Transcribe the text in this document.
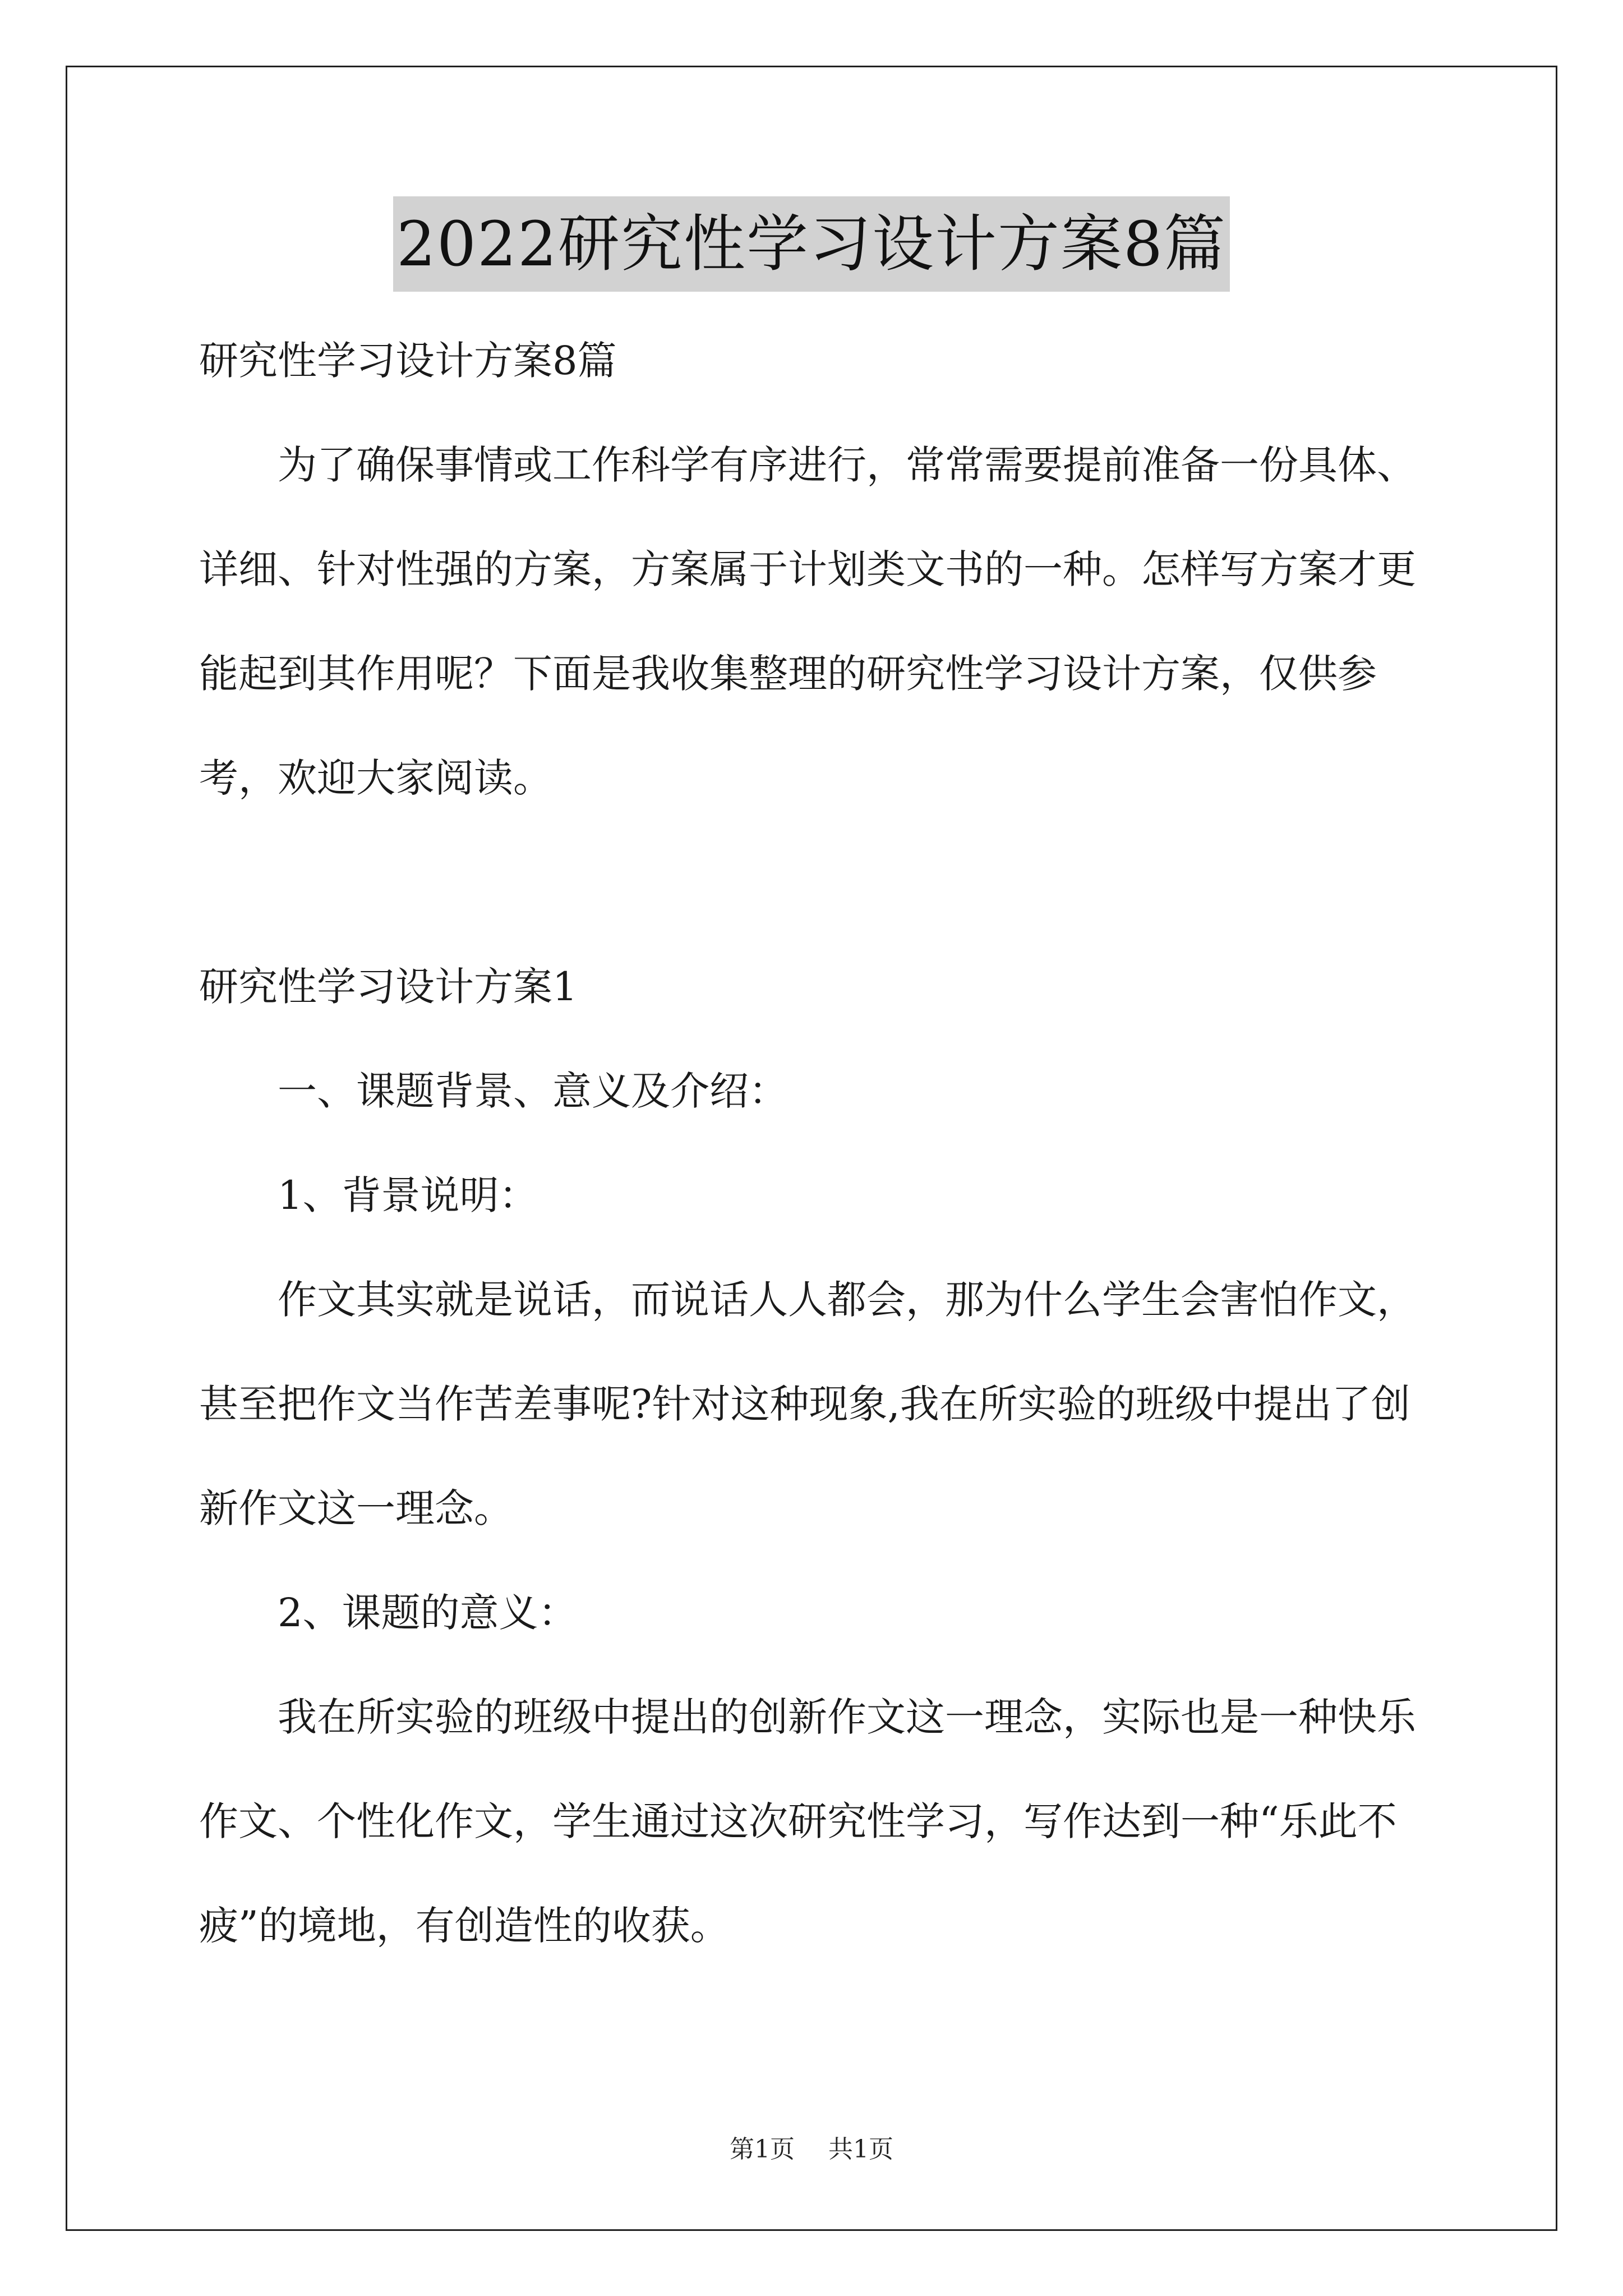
2022研究性学习设计方案8篇

研究性学习设计方案8篇

为了确保事情或工作科学有序进行，常常需要提前准备一份具体、详细、针对性强的方案，方案属于计划类文书的一种。怎样写方案才更能起到其作用呢？下面是我收集整理的研究性学习设计方案，仅供参考，欢迎大家阅读。

研究性学习设计方案1

一、课题背景、意义及介绍：

1、背景说明：

作文其实就是说话，而说话人人都会，那为什么学生会害怕作文，甚至把作文当作苦差事呢?针对这种现象,我在所实验的班级中提出了创新作文这一理念。

2、课题的意义：

我在所实验的班级中提出的创新作文这一理念，实际也是一种快乐作文、个性化作文，学生通过这次研究性学习，写作达到一种“乐此不疲”的境地，有创造性的收获。

第1页 共1页
